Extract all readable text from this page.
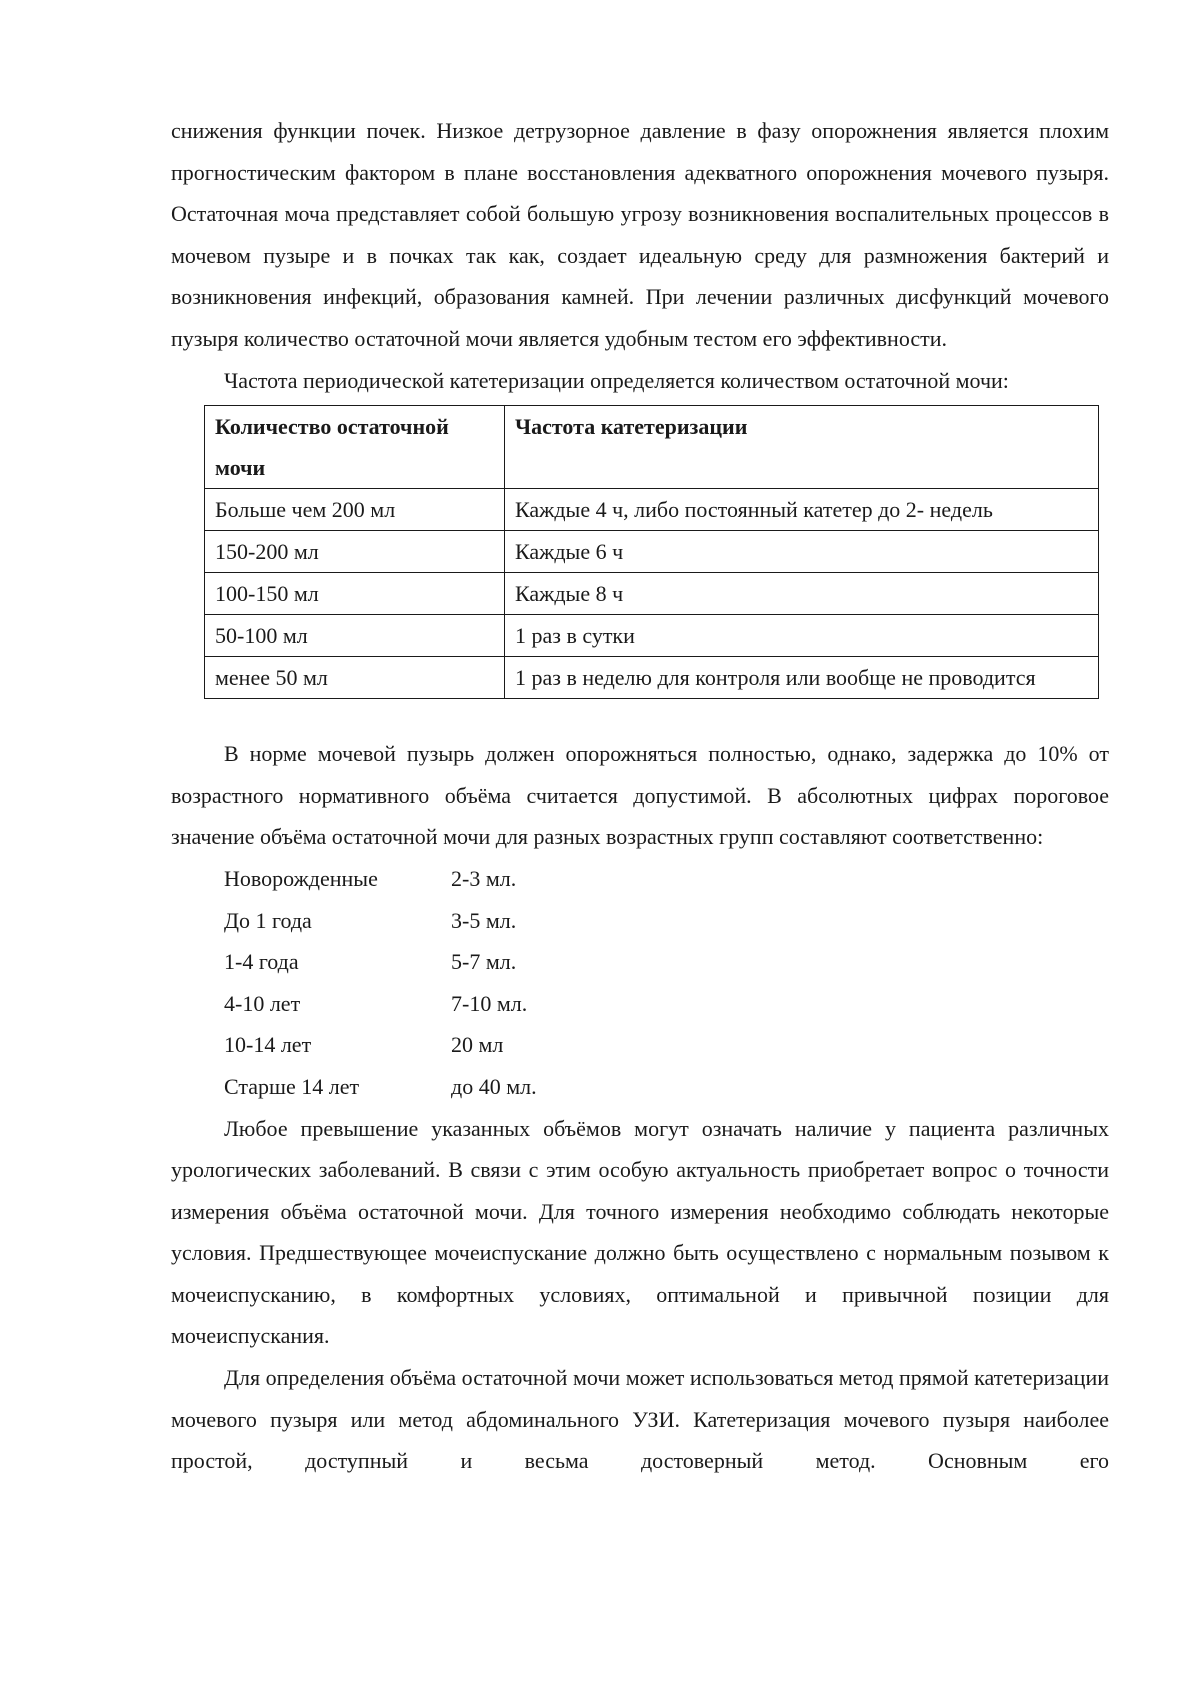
снижения функции почек. Низкое детрузорное давление в фазу опорожнения является плохим прогностическим фактором в плане восстановления адекватного опорожнения мочевого пузыря. Остаточная моча представляет собой большую угрозу возникновения воспалительных процессов в мочевом пузыре и в почках так как, создает идеальную среду для размножения бактерий и возникновения инфекций, образования камней. При лечении различных дисфункций мочевого пузыря количество остаточной мочи является удобным тестом его эффективности.

Частота периодической катетеризации определяется количеством остаточной мочи:

Количество остаточной мочи	Частота катетеризации
Больше чем 200 мл	Каждые 4 ч, либо постоянный катетер до 2- недель
150-200 мл	Каждые 6 ч
100-150 мл	Каждые 8 ч
50-100 мл	1 раз в сутки
менее 50 мл	1 раз в неделю для контроля или вообще не проводится

В норме мочевой пузырь должен опорожняться полностью, однако, задержка до 10% от возрастного нормативного объёма считается допустимой. В абсолютных цифрах пороговое значение объёма остаточной мочи для разных возрастных групп составляют соответственно:

Новорожденные	2-3 мл.
До 1 года	3-5 мл.
1-4 года	5-7 мл.
4-10 лет	7-10 мл.
10-14 лет	20 мл
Старше 14 лет	до 40 мл.

Любое превышение указанных объёмов могут означать наличие у пациента различных урологических заболеваний. В связи с этим особую актуальность приобретает вопрос о точности измерения объёма остаточной мочи. Для точного измерения необходимо соблюдать некоторые условия. Предшествующее мочеиспускание должно быть осуществлено с нормальным позывом к мочеиспусканию, в комфортных условиях, оптимальной и привычной позиции для мочеиспускания.

Для определения объёма остаточной мочи может использоваться метод прямой катетеризации мочевого пузыря или метод абдоминального УЗИ. Катетеризация мочевого пузыря наиболее простой, доступный и весьма достоверный метод. Основным его
